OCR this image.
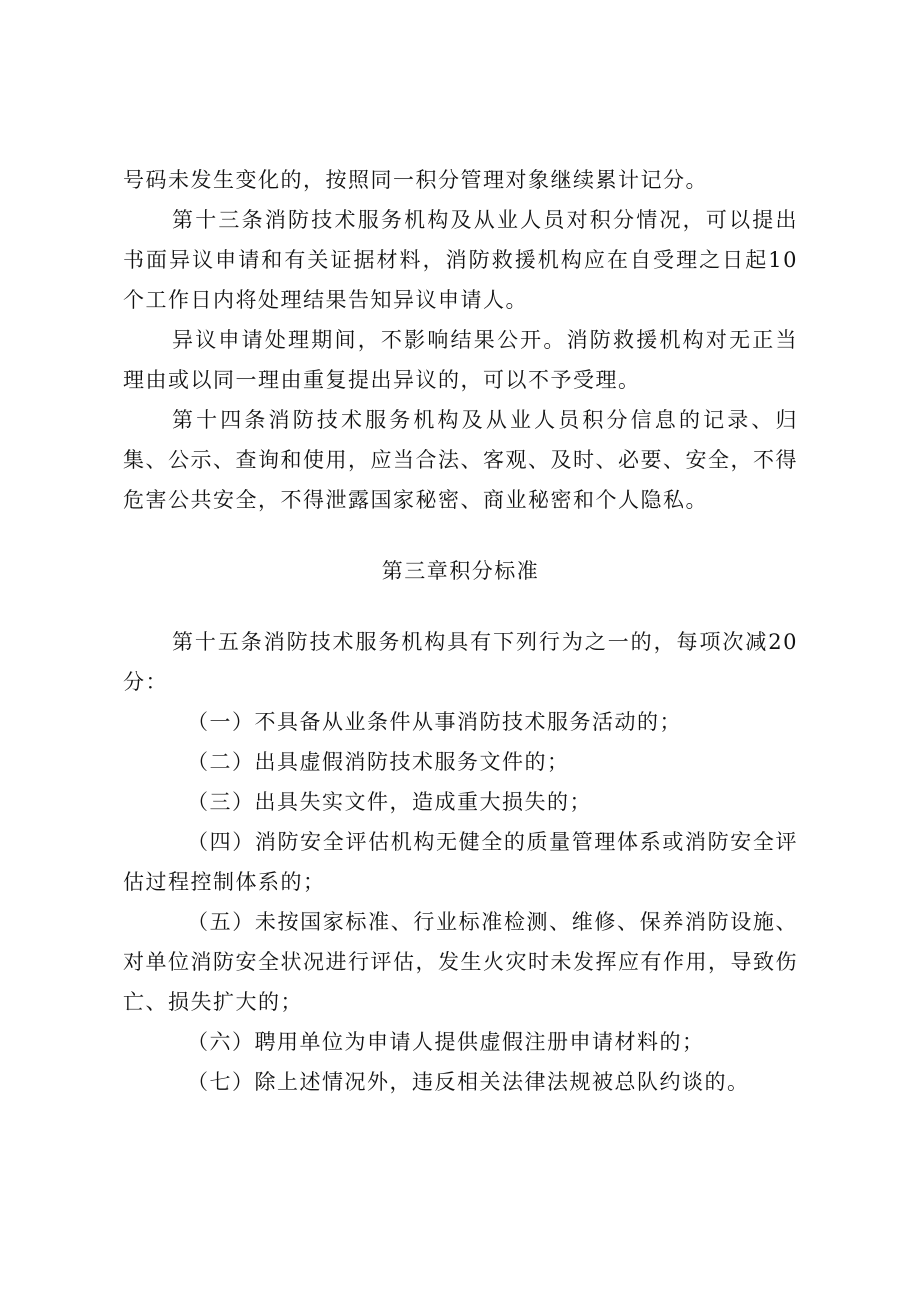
号码未发生变化的，按照同一积分管理对象继续累计记分。

第十三条消防技术服务机构及从业人员对积分情况，可以提出书面异议申请和有关证据材料，消防救援机构应在自受理之日起10个工作日内将处理结果告知异议申请人。

异议申请处理期间，不影响结果公开。消防救援机构对无正当理由或以同一理由重复提出异议的，可以不予受理。

第十四条消防技术服务机构及从业人员积分信息的记录、归集、公示、查询和使用，应当合法、客观、及时、必要、安全，不得危害公共安全，不得泄露国家秘密、商业秘密和个人隐私。

第三章积分标准

第十五条消防技术服务机构具有下列行为之一的，每项次减20分：

（一）不具备从业条件从事消防技术服务活动的；

（二）出具虚假消防技术服务文件的；

（三）出具失实文件，造成重大损失的；

（四）消防安全评估机构无健全的质量管理体系或消防安全评估过程控制体系的；

（五）未按国家标准、行业标准检测、维修、保养消防设施、对单位消防安全状况进行评估，发生火灾时未发挥应有作用，导致伤亡、损失扩大的；

（六）聘用单位为申请人提供虚假注册申请材料的；

（七）除上述情况外，违反相关法律法规被总队约谈的。
